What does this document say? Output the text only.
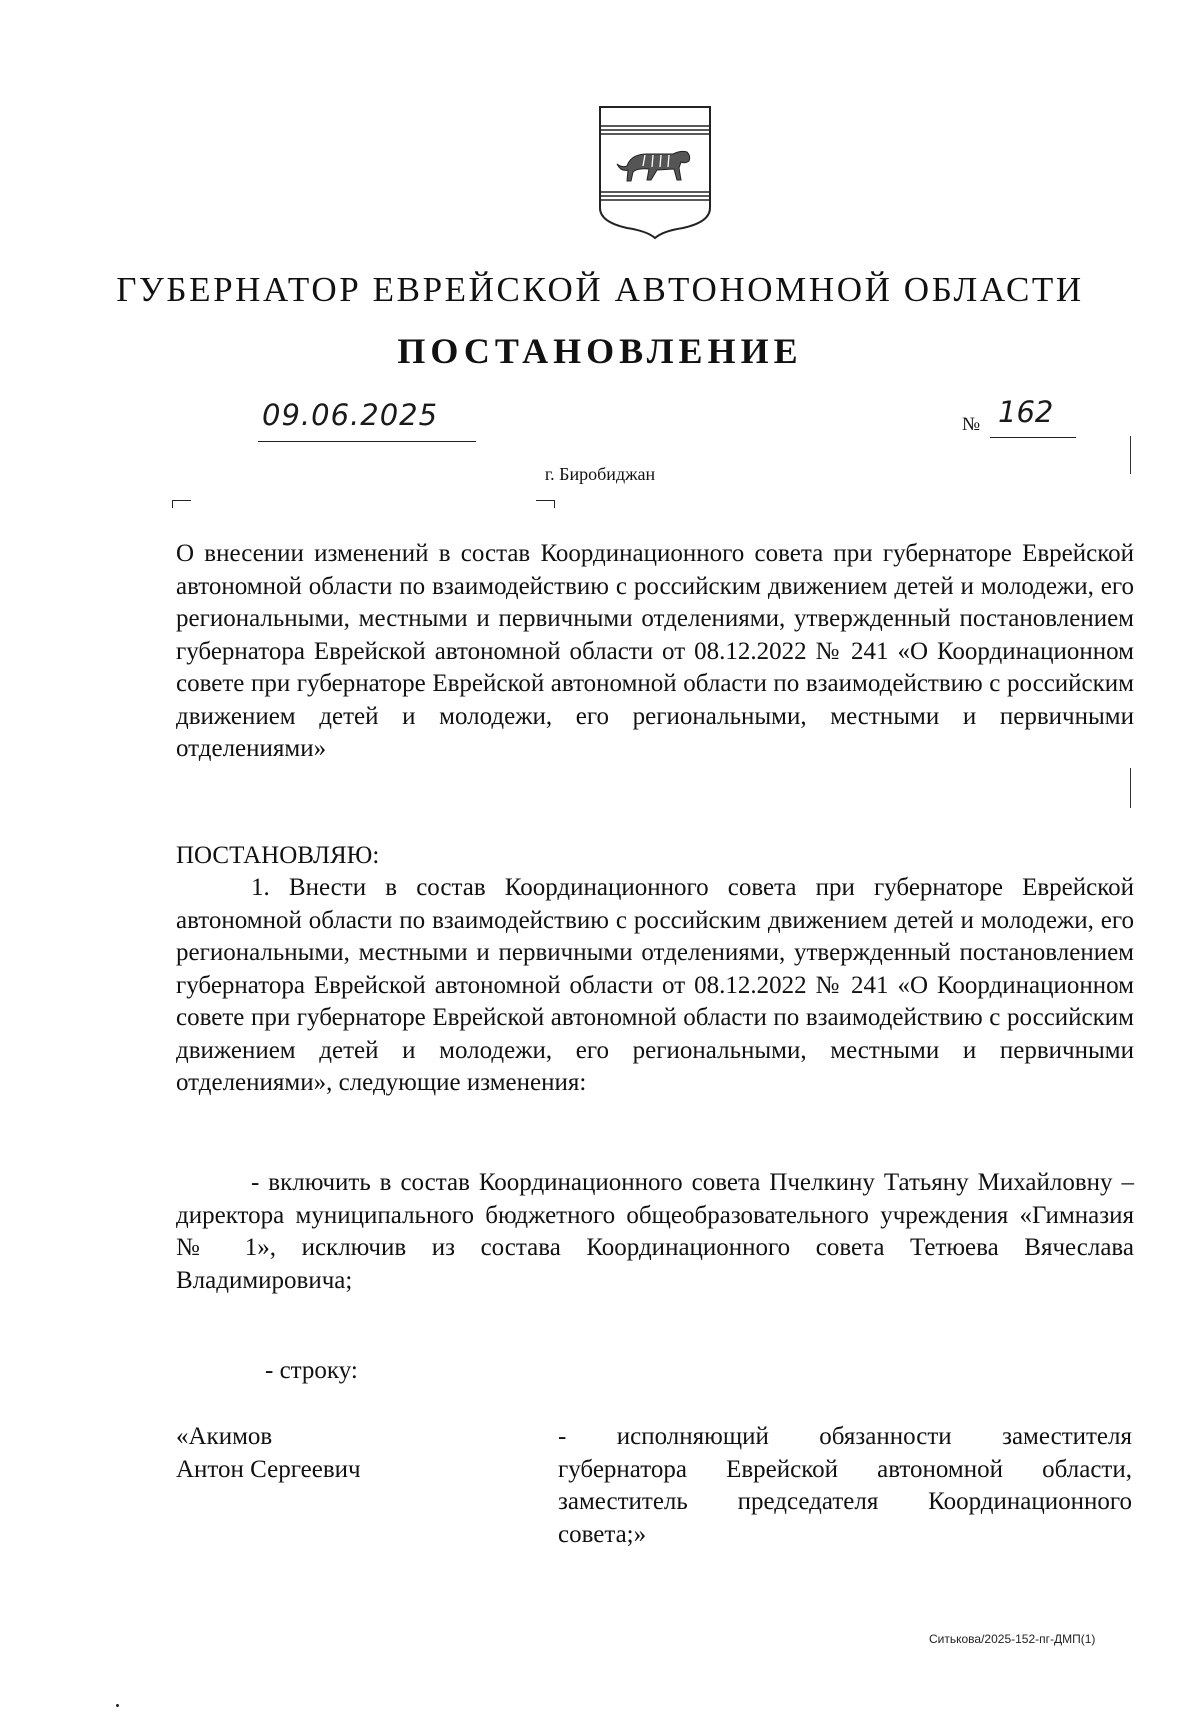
ГУБЕРНАТОР ЕВРЕЙСКОЙ АВТОНОМНОЙ ОБЛАСТИ
ПОСТАНОВЛЕНИЕ
09.06.2025	№ 162
г. Биробиджан

О внесении изменений в состав Координационного совета при губернаторе Еврейской автономной области по взаимодействию с российским движением детей и молодежи, его региональными, местными и первичными отделениями, утвержденный постановлением губернатора Еврейской автономной области от 08.12.2022 № 241 «О Координационном совете при губернаторе Еврейской автономной области по взаимодействию с российским движением детей и молодежи, его региональными, местными и первичными отделениями»

ПОСТАНОВЛЯЮ:

1. Внести в состав Координационного совета при губернаторе Еврейской автономной области по взаимодействию с российским движением детей и молодежи, его региональными, местными и первичными отделениями, утвержденный постановлением губернатора Еврейской автономной области от 08.12.2022 № 241 «О Координационном совете при губернаторе Еврейской автономной области по взаимодействию с российским движением детей и молодежи, его региональными, местными и первичными отделениями», следующие изменения:

- включить в состав Координационного совета Пчелкину Татьяну Михайловну – директора муниципального бюджетного общеобразовательного учреждения «Гимназия № 1», исключив из состава Координационного совета Тетюева Вячеслава Владимировича;

- строку:

«Акимов
Антон Сергеевич

- исполняющий обязанности заместителя губернатора Еврейской автономной области, заместитель председателя Координационного совета;»

Ситькова/2025-152-пг-ДМП(1)
